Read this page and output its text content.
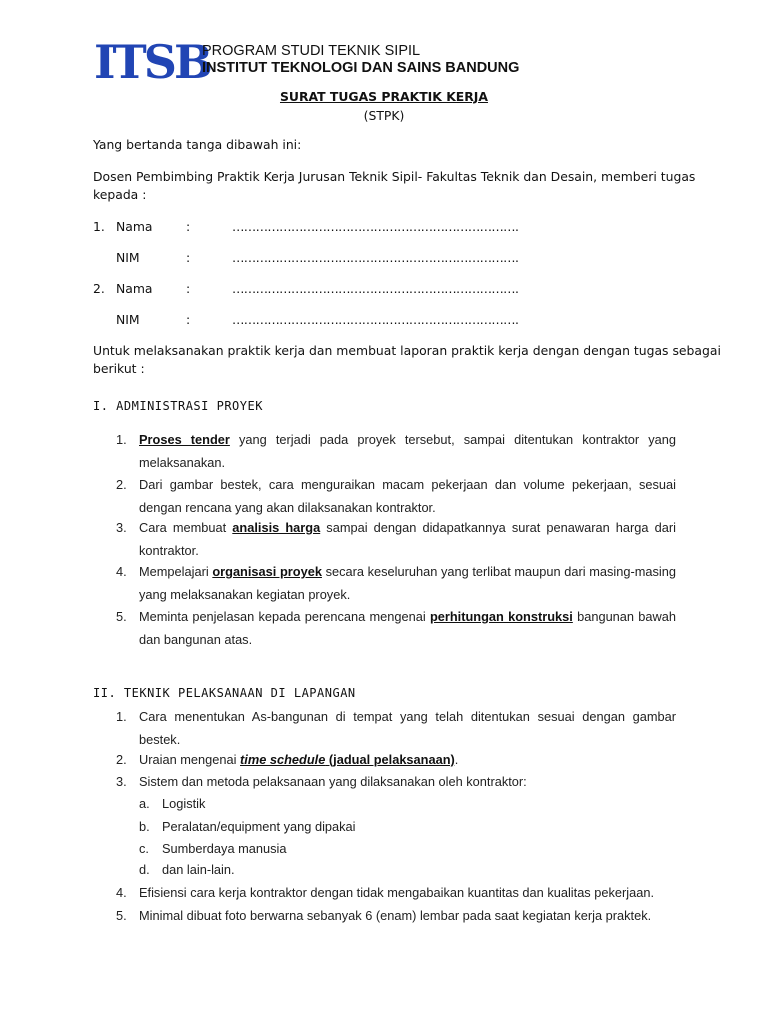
ITSB
PROGRAM STUDI TEKNIK SIPIL
INSTITUT TEKNOLOGI DAN SAINS BANDUNG
SURAT TUGAS PRAKTIK KERJA
(STPK)
Yang bertanda tanga dibawah ini:
Dosen Pembimbing Praktik Kerja Jurusan Teknik Sipil- Fakultas Teknik dan Desain, memberi tugas
kepada :
1. Nama	:	……………………………………………………………….
NIM	:	……………………………………………………………….
2. Nama	:	……………………………………………………………….
NIM	:	……………………………………………………………….
Untuk melaksanakan praktik kerja dan membuat laporan praktik kerja dengan dengan tugas sebagai
berikut :
I. ADMINISTRASI PROYEK
1. Proses tender yang terjadi pada proyek tersebut, sampai ditentukan kontraktor yang melaksanakan.
2. Dari gambar bestek, cara menguraikan macam pekerjaan dan volume pekerjaan, sesuai dengan rencana yang akan dilaksanakan kontraktor.
3. Cara membuat analisis harga sampai dengan didapatkannya surat penawaran harga dari kontraktor.
4. Mempelajari organisasi proyek secara keseluruhan yang terlibat maupun dari masing-masing yang melaksanakan kegiatan proyek.
5. Meminta penjelasan kepada perencana mengenai perhitungan konstruksi bangunan bawah dan bangunan atas.
II. TEKNIK PELAKSANAAN DI LAPANGAN
1. Cara menentukan As-bangunan di tempat yang telah ditentukan sesuai dengan gambar bestek.
2. Uraian mengenai time schedule (jadual pelaksanaan).
3. Sistem dan metoda pelaksanaan yang dilaksanakan oleh kontraktor:
a. Logistik
b. Peralatan/equipment yang dipakai
c. Sumberdaya manusia
d. dan lain-lain.
4. Efisiensi cara kerja kontraktor dengan tidak mengabaikan kuantitas dan kualitas pekerjaan.
5. Minimal dibuat foto berwarna sebanyak 6 (enam) lembar pada saat kegiatan kerja praktek.
